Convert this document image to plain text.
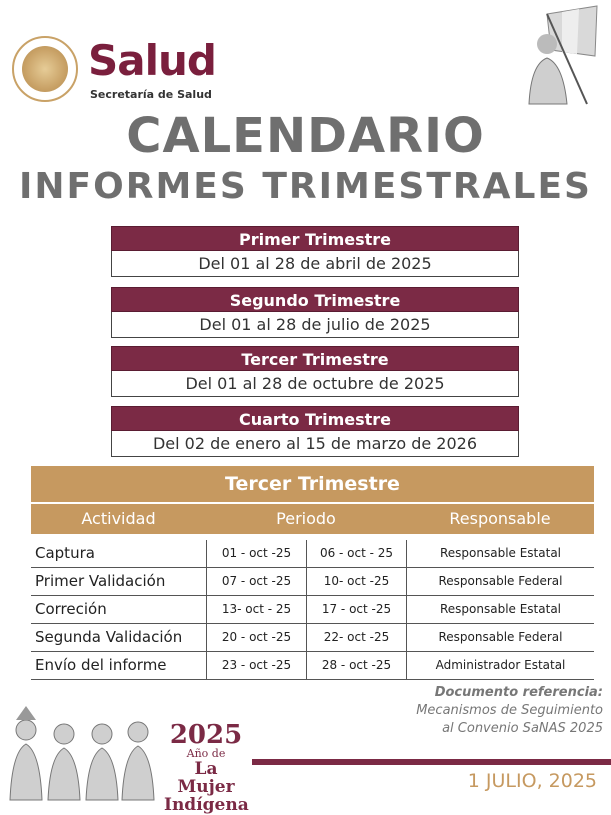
Salud
Secretaría de Salud
CALENDARIO
INFORMES TRIMESTRALES
Primer Trimestre
Del 01 al 28 de abril de 2025
Segundo Trimestre
Del 01 al 28 de julio de 2025
Tercer Trimestre
Del 01 al 28 de octubre de 2025
Cuarto Trimestre
Del 02 de enero al 15 de marzo de 2026
Tercer Trimestre
Actividad	Periodo	Responsable
Captura	01 - oct -25	06 - oct - 25	Responsable Estatal
Primer Validación	07 - oct -25	10- oct -25	Responsable Federal
Correción	13- oct - 25	17 - oct -25	Responsable Estatal
Segunda Validación	20 - oct -25	22- oct -25	Responsable Federal
Envío del informe	23 - oct -25	28 - oct -25	Administrador Estatal
Documento referencia:
Mecanismos de Seguimiento
al Convenio SaNAS 2025
2025
Año de
La Mujer
Indígena
1 JULIO, 2025
